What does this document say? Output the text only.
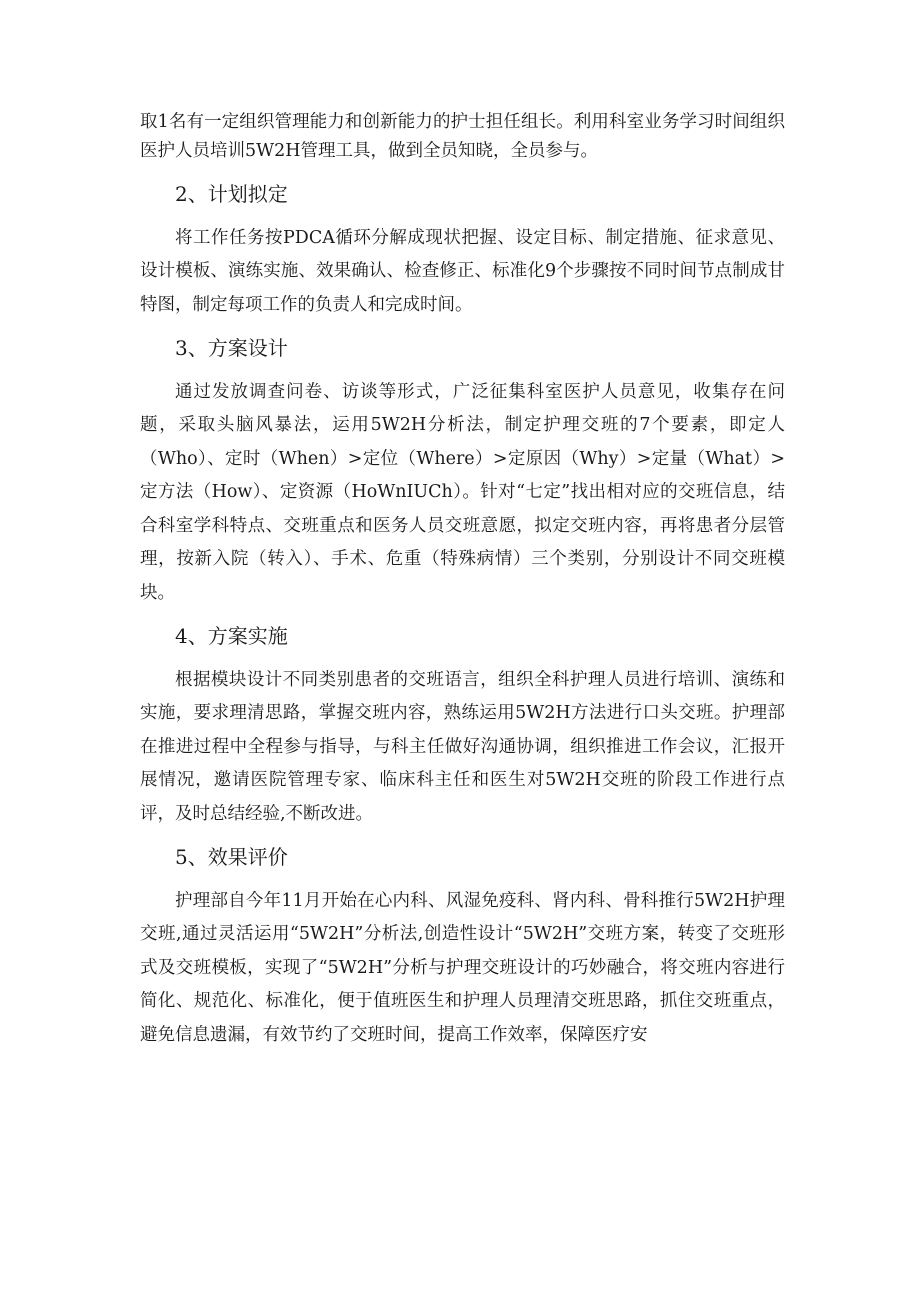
取1名有一定组织管理能力和创新能力的护士担任组长。利用科室业务学习时间组织医护人员培训5W2H管理工具，做到全员知晓，全员参与。

2、计划拟定

将工作任务按PDCA循环分解成现状把握、设定目标、制定措施、征求意见、设计模板、演练实施、效果确认、检查修正、标准化9个步骤按不同时间节点制成甘特图，制定每项工作的负责人和完成时间。

3、方案设计

通过发放调查问卷、访谈等形式，广泛征集科室医护人员意见，收集存在问题，采取头脑风暴法，运用5W2H分析法，制定护理交班的7个要素，即定人（Who）、定时（When）>定位（Where）>定原因（Why）>定量（What）>定方法（How）、定资源（HoWnIUCh）。针对“七定”找出相对应的交班信息，结合科室学科特点、交班重点和医务人员交班意愿，拟定交班内容，再将患者分层管理，按新入院（转入）、手术、危重（特殊病情）三个类别，分别设计不同交班模块。

4、方案实施

根据模块设计不同类别患者的交班语言，组织全科护理人员进行培训、演练和实施，要求理清思路，掌握交班内容，熟练运用5W2H方法进行口头交班。护理部在推进过程中全程参与指导，与科主任做好沟通协调，组织推进工作会议，汇报开展情况，邀请医院管理专家、临床科主任和医生对5W2H交班的阶段工作进行点评，及时总结经验,不断改进。

5、效果评价

护理部自今年11月开始在心内科、风湿免疫科、肾内科、骨科推行5W2H护理交班,通过灵活运用“5W2H”分析法,创造性设计“5W2H”交班方案，转变了交班形式及交班模板，实现了“5W2H”分析与护理交班设计的巧妙融合，将交班内容进行简化、规范化、标准化，便于值班医生和护理人员理清交班思路，抓住交班重点，避免信息遗漏，有效节约了交班时间，提高工作效率，保障医疗安
